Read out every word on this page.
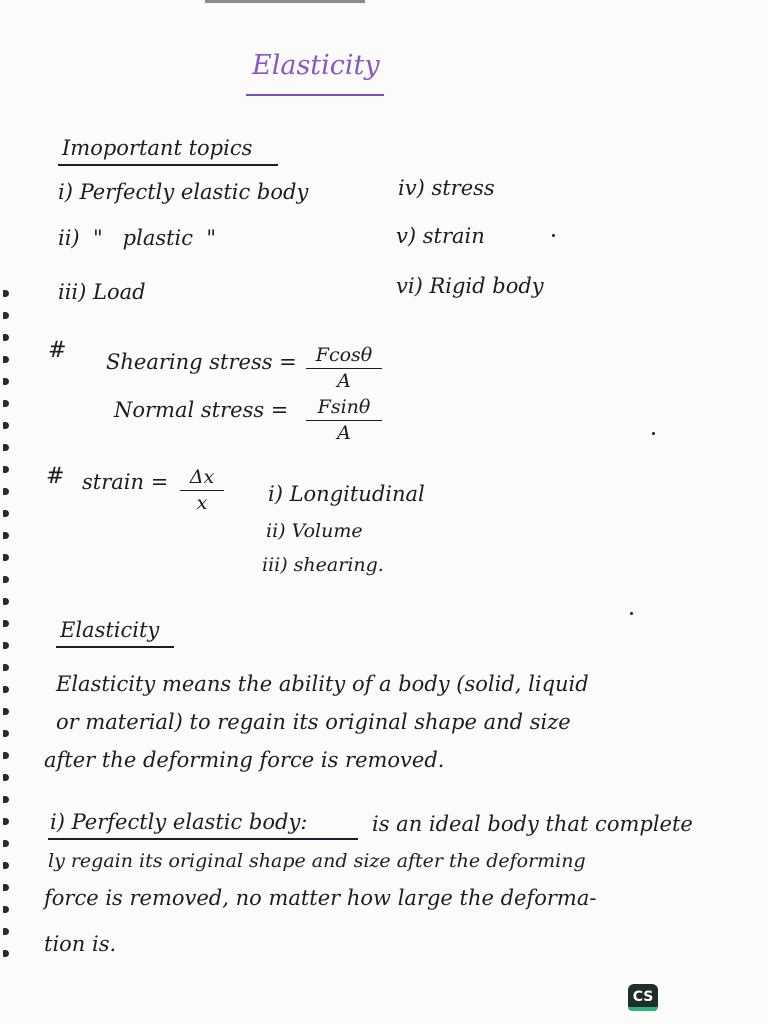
Elasticity
Imoportant topics
i) Perfectly elastic body
ii)  "   plastic  "
iii) Load
iv) stress
v) strain
vi) Rigid body
# Shearing stress = $\frac{Fcos\theta}{A}$
Normal stress = $\frac{Fsin\theta}{A}$
# strain = $\frac{\Delta x}{x} i$) Longitudinal
ii) Volume
iii) shearing.
Elasticity
Elasticity means the ability of a body (solid, liquid
or material) to regain its original shape and size
after the deforming force is removed.
i) Perfectly elastic body:	is an ideal body that complete
ly regain its original shape and size after the deforming
force is removed, no matter how large the deforma-
tion is.
CS
